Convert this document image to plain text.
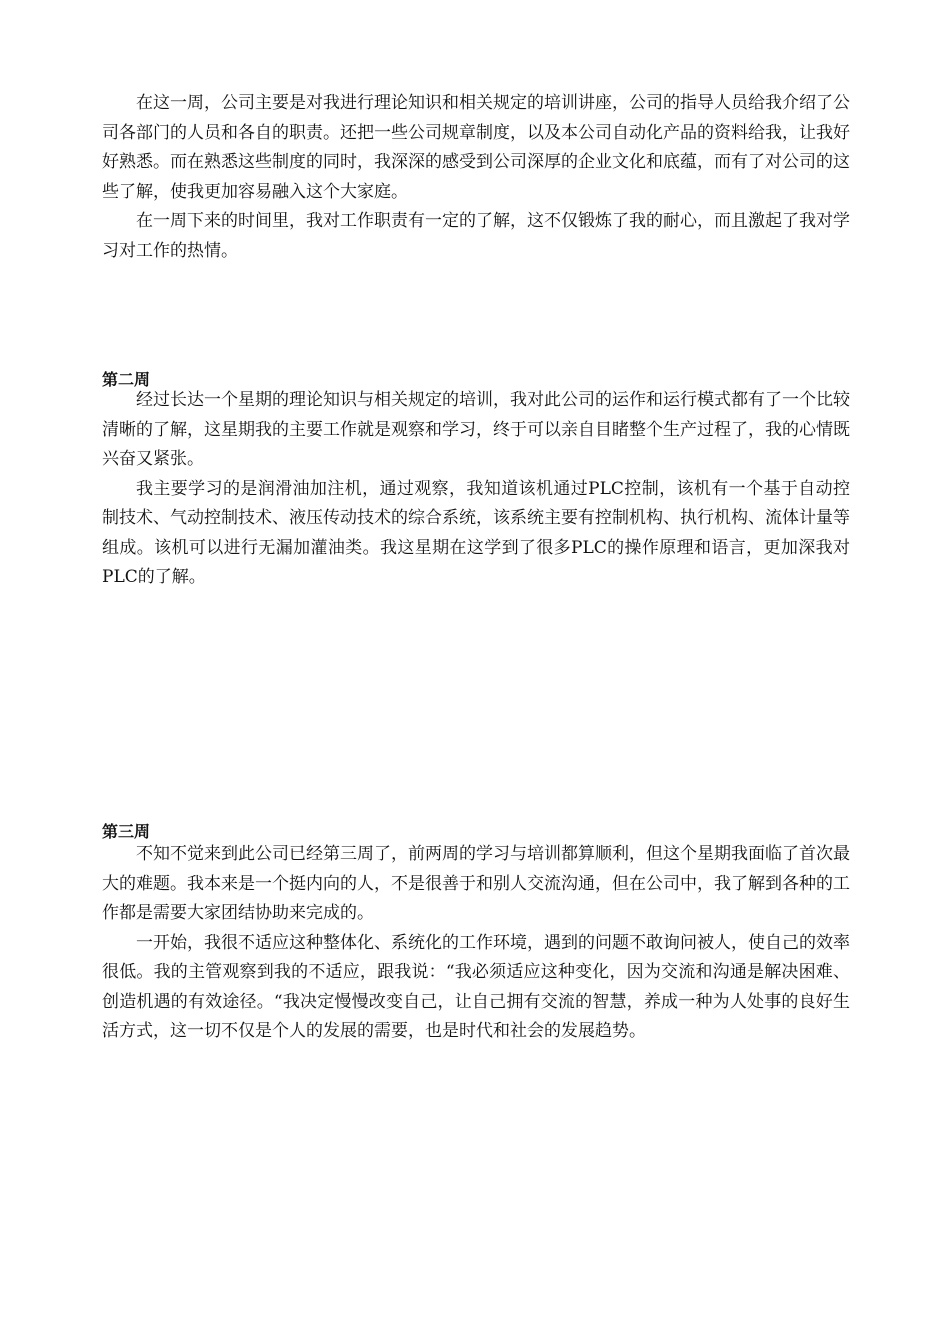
在这一周，公司主要是对我进行理论知识和相关规定的培训讲座，公司的指导人员给我介绍了公司各部门的人员和各自的职责。还把一些公司规章制度，以及本公司自动化产品的资料给我，让我好好熟悉。而在熟悉这些制度的同时，我深深的感受到公司深厚的企业文化和底蕴，而有了对公司的这些了解，使我更加容易融入这个大家庭。

在一周下来的时间里，我对工作职责有一定的了解，这不仅锻炼了我的耐心，而且激起了我对学习对工作的热情。

第二周

经过长达一个星期的理论知识与相关规定的培训，我对此公司的运作和运行模式都有了一个比较清晰的了解，这星期我的主要工作就是观察和学习，终于可以亲自目睹整个生产过程了，我的心情既兴奋又紧张。

我主要学习的是润滑油加注机，通过观察，我知道该机通过PLC控制，该机有一个基于自动控制技术、气动控制技术、液压传动技术的综合系统，该系统主要有控制机构、执行机构、流体计量等组成。该机可以进行无漏加灌油类。我这星期在这学到了很多PLC的操作原理和语言，更加深我对PLC的了解。

第三周

不知不觉来到此公司已经第三周了，前两周的学习与培训都算顺利，但这个星期我面临了首次最大的难题。我本来是一个挺内向的人，不是很善于和别人交流沟通，但在公司中，我了解到各种的工作都是需要大家团结协助来完成的。

一开始，我很不适应这种整体化、系统化的工作环境，遇到的问题不敢询问被人，使自己的效率很低。我的主管观察到我的不适应，跟我说：“我必须适应这种变化，因为交流和沟通是解决困难、创造机遇的有效途径。“我决定慢慢改变自己，让自己拥有交流的智慧，养成一种为人处事的良好生活方式，这一切不仅是个人的发展的需要，也是时代和社会的发展趋势。
